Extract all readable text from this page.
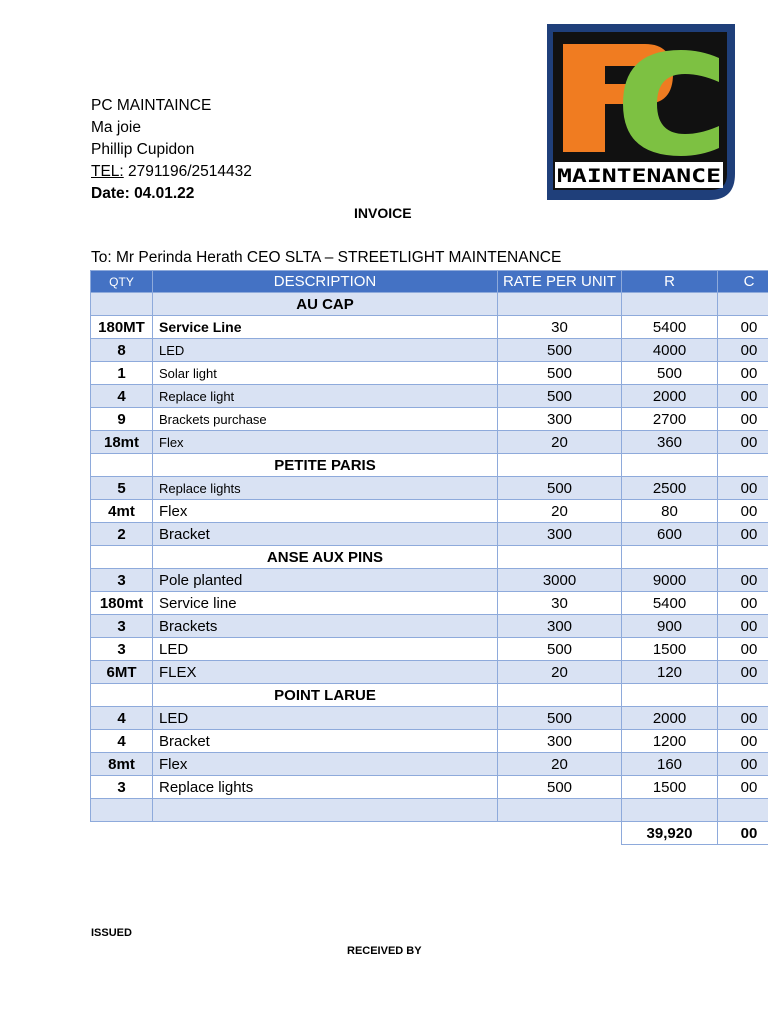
PC MAINTAINCE
Ma joie
Phillip Cupidon
TEL: 2791196/2514432
Date: 04.01.22
MAINTENANCE
INVOICE
To: Mr Perinda Herath CEO SLTA – STREETLIGHT MAINTENANCE
QTY	DESCRIPTION	RATE PER UNIT	R	C
	AU CAP			
180MT	Service Line	30	5400	00
8	LED	500	4000	00
1	Solar light	500	500	00
4	Replace light	500	2000	00
9	Brackets purchase	300	2700	00
18mt	Flex	20	360	00
	PETITE PARIS			
5	Replace lights	500	2500	00
4mt	Flex	20	80	00
2	Bracket	300	600	00
	ANSE AUX PINS			
3	Pole planted	3000	9000	00
180mt	Service line	30	5400	00
3	Brackets	300	900	00
3	LED	500	1500	00
6MT	FLEX	20	120	00
	POINT LARUE			
4	LED	500	2000	00
4	Bracket	300	1200	00
8mt	Flex	20	160	00
3	Replace lights	500	1500	00

			39,920	00
ISSUED
RECEIVED BY
